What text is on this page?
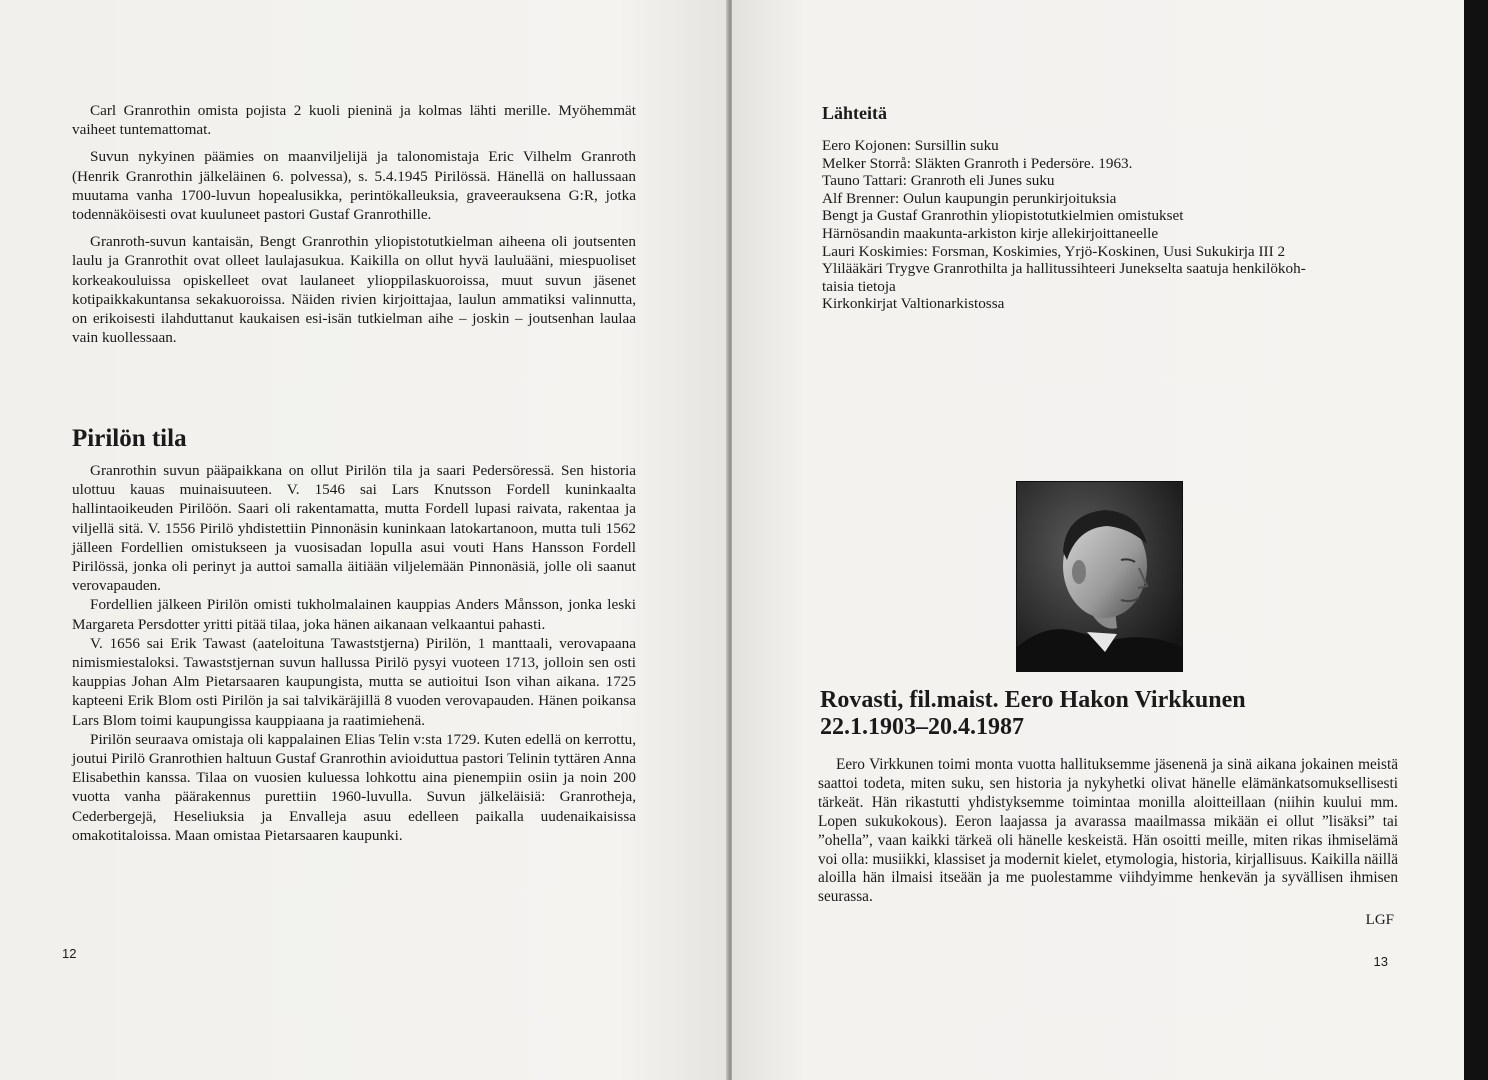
Carl Granrothin omista pojista 2 kuoli pieninä ja kolmas lähti merille. Myöhemmät vaiheet tuntemattomat.

Suvun nykyinen päämies on maanviljelijä ja talonomistaja Eric Vilhelm Granroth (Henrik Granrothin jälkeläinen 6. polvessa), s. 5.4.1945 Pirilössä. Hänellä on hallussaan muutama vanha 1700-luvun hopealusikka, perintökalleuksia, graveerauksena G:R, jotka todennäköisesti ovat kuuluneet pastori Gustaf Granrothille.

Granroth-suvun kantaisän, Bengt Granrothin yliopistotutkielman aiheena oli joutsenten laulu ja Granrothit ovat olleet laulajasukua. Kaikilla on ollut hyvä lauluääni, miespuoliset korkeakouluissa opiskelleet ovat laulaneet ylioppilaskuoroissa, muut suvun jäsenet kotipaikkakuntansa sekakuoroissa. Näiden rivien kirjoittajaa, laulun ammatiksi valinnutta, on erikoisesti ilahduttanut kaukaisen esi-isän tutkielman aihe – joskin – joutsenhan laulaa vain kuollessaan.

Pirilön tila

Granrothin suvun pääpaikkana on ollut Pirilön tila ja saari Pedersöressä. Sen historia ulottuu kauas muinaisuuteen. V. 1546 sai Lars Knutsson Fordell kuninkaalta hallintaoikeuden Pirilöön. Saari oli rakentamatta, mutta Fordell lupasi raivata, rakentaa ja viljellä sitä. V. 1556 Pirilö yhdistettiin Pinnonäsin kuninkaan latokartanoon, mutta tuli 1562 jälleen Fordellien omistukseen ja vuosisadan lopulla asui vouti Hans Hansson Fordell Pirilössä, jonka oli perinyt ja auttoi samalla äitiään viljelemään Pinnonäsiä, jolle oli saanut verovapauden.

Fordellien jälkeen Pirilön omisti tukholmalainen kauppias Anders Månsson, jonka leski Margareta Persdotter yritti pitää tilaa, joka hänen aikanaan velkaantui pahasti.

V. 1656 sai Erik Tawast (aateloituna Tawaststjerna) Pirilön, 1 manttaali, verovapaana nimismiestaloksi. Tawaststjernan suvun hallussa Pirilö pysyi vuoteen 1713, jolloin sen osti kauppias Johan Alm Pietarsaaren kaupungista, mutta se autioitui Ison vihan aikana. 1725 kapteeni Erik Blom osti Pirilön ja sai talvikäräjillä 8 vuoden verovapauden. Hänen poikansa Lars Blom toimi kaupungissa kauppiaana ja raatimiehenä.

Pirilön seuraava omistaja oli kappalainen Elias Telin v:sta 1729. Kuten edellä on kerrottu, joutui Pirilö Granrothien haltuun Gustaf Granrothin avioiduttua pastori Telinin tyttären Anna Elisabethin kanssa. Tilaa on vuosien kuluessa lohkottu aina pienempiin osiin ja noin 200 vuotta vanha päärakennus purettiin 1960-luvulla. Suvun jälkeläisiä: Granrotheja, Cederbergejä, Heseliuksia ja Envalleja asuu edelleen paikalla uudenaikaisissa omakotitaloissa. Maan omistaa Pietarsaaren kaupunki.

12
Lähteitä

Eero Kojonen: Sursillin suku

Melker Storrå: Släkten Granroth i Pedersöre. 1963.

Tauno Tattari: Granroth eli Junes suku

Alf Brenner: Oulun kaupungin perunkirjoituksia

Bengt ja Gustaf Granrothin yliopistotutkielmien omistukset

Härnösandin maakunta-arkiston kirje allekirjoittaneelle

Lauri Koskimies: Forsman, Koskimies, Yrjö-Koskinen, Uusi Sukukirja III 2

Ylilääkäri Trygve Granrothilta ja hallitussihteeri Junekselta saatuja henkilökoh-

taisia tietoja

Kirkonkirjat Valtionarkistossa

Rovasti, fil.maist. Eero Hakon Virkkunen
22.1.1903–20.4.1987

Eero Virkkunen toimi monta vuotta hallituksemme jäsenenä ja sinä aikana jokainen meistä saattoi todeta, miten suku, sen historia ja nykyhetki olivat hänelle elämänkatsomuksellisesti tärkeät. Hän rikastutti yhdistyksemme toimintaa monilla aloitteillaan (niihin kuului mm. Lopen sukukokous). Eeron laajassa ja avarassa maailmassa mikään ei ollut ”lisäksi” tai ”ohella”, vaan kaikki tärkeä oli hänelle keskeistä. Hän osoitti meille, miten rikas ihmiselämä voi olla: musiikki, klassiset ja modernit kielet, etymologia, historia, kirjallisuus. Kaikilla näillä aloilla hän ilmaisi itseään ja me puolestamme viihdyimme henkevän ja syvällisen ihmisen seurassa.

LGF
13
